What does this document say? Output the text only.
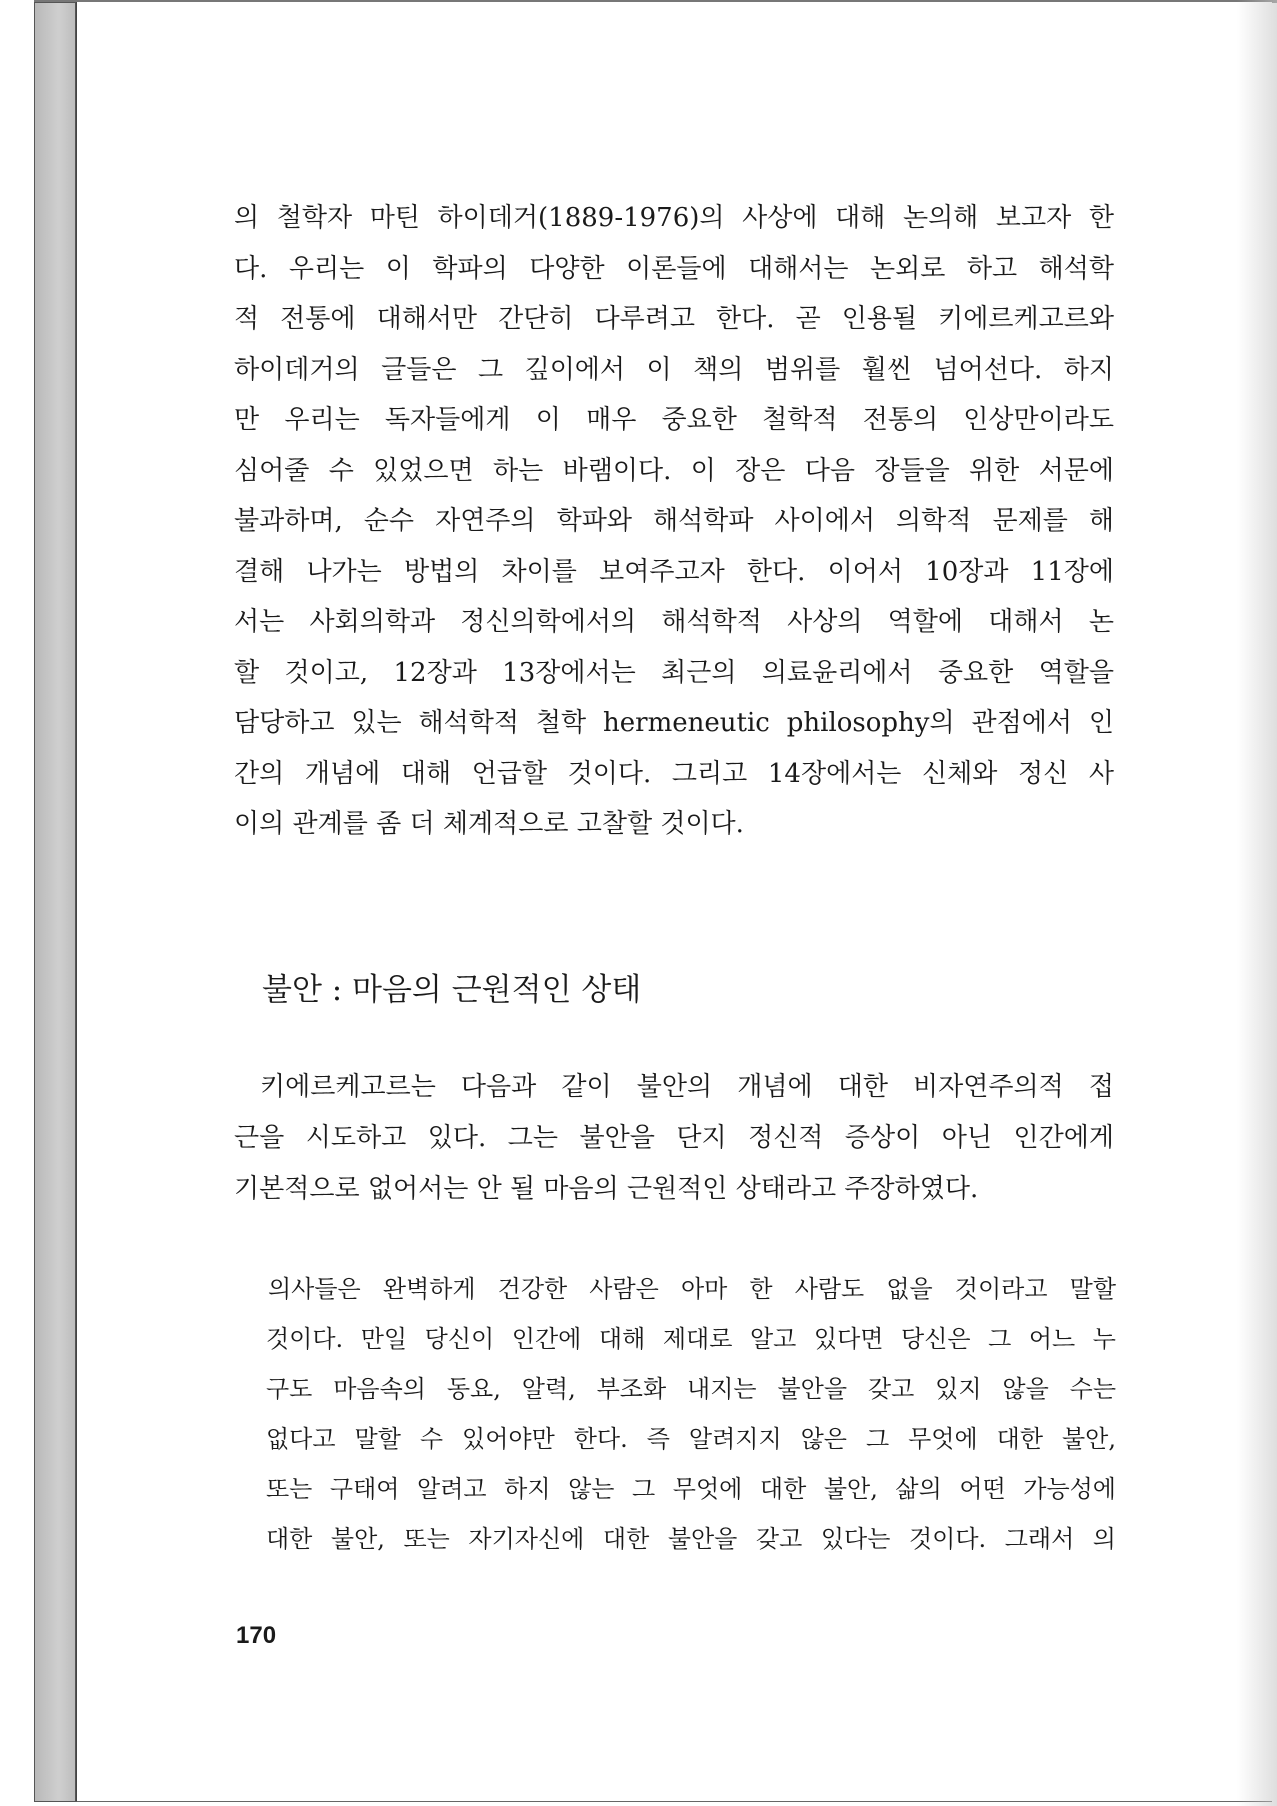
의 철학자 마틴 하이데거(1889-1976)의 사상에 대해 논의해 보고자 한
다. 우리는 이 학파의 다양한 이론들에 대해서는 논외로 하고 해석학
적 전통에 대해서만 간단히 다루려고 한다. 곧 인용될 키에르케고르와
하이데거의 글들은 그 깊이에서 이 책의 범위를 훨씬 넘어선다. 하지
만 우리는 독자들에게 이 매우 중요한 철학적 전통의 인상만이라도
심어줄 수 있었으면 하는 바램이다. 이 장은 다음 장들을 위한 서문에
불과하며, 순수 자연주의 학파와 해석학파 사이에서 의학적 문제를 해
결해 나가는 방법의 차이를 보여주고자 한다. 이어서 10장과 11장에
서는 사회의학과 정신의학에서의 해석학적 사상의 역할에 대해서 논
할 것이고, 12장과 13장에서는 최근의 의료윤리에서 중요한 역할을
담당하고 있는 해석학적 철학 hermeneutic philosophy의 관점에서 인
간의 개념에 대해 언급할 것이다. 그리고 14장에서는 신체와 정신 사
이의 관계를 좀 더 체계적으로 고찰할 것이다.
불안 : 마음의 근원적인 상태
키에르케고르는 다음과 같이 불안의 개념에 대한 비자연주의적 접
근을 시도하고 있다. 그는 불안을 단지 정신적 증상이 아닌 인간에게
기본적으로 없어서는 안 될 마음의 근원적인 상태라고 주장하였다.
의사들은 완벽하게 건강한 사람은 아마 한 사람도 없을 것이라고 말할
것이다. 만일 당신이 인간에 대해 제대로 알고 있다면 당신은 그 어느 누
구도 마음속의 동요, 알력, 부조화 내지는 불안을 갖고 있지 않을 수는
없다고 말할 수 있어야만 한다. 즉 알려지지 않은 그 무엇에 대한 불안,
또는 구태여 알려고 하지 않는 그 무엇에 대한 불안, 삶의 어떤 가능성에
대한 불안, 또는 자기자신에 대한 불안을 갖고 있다는 것이다. 그래서 의
170
